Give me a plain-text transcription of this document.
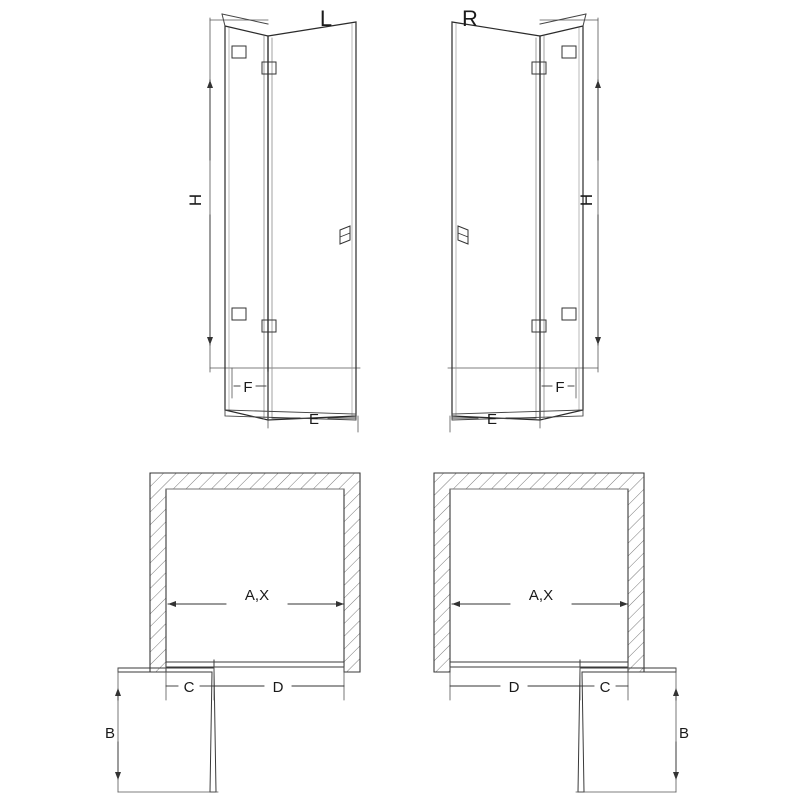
L	R
H	H
F
E
F
E
A,X	A,X
C	D
B
C
D
B
